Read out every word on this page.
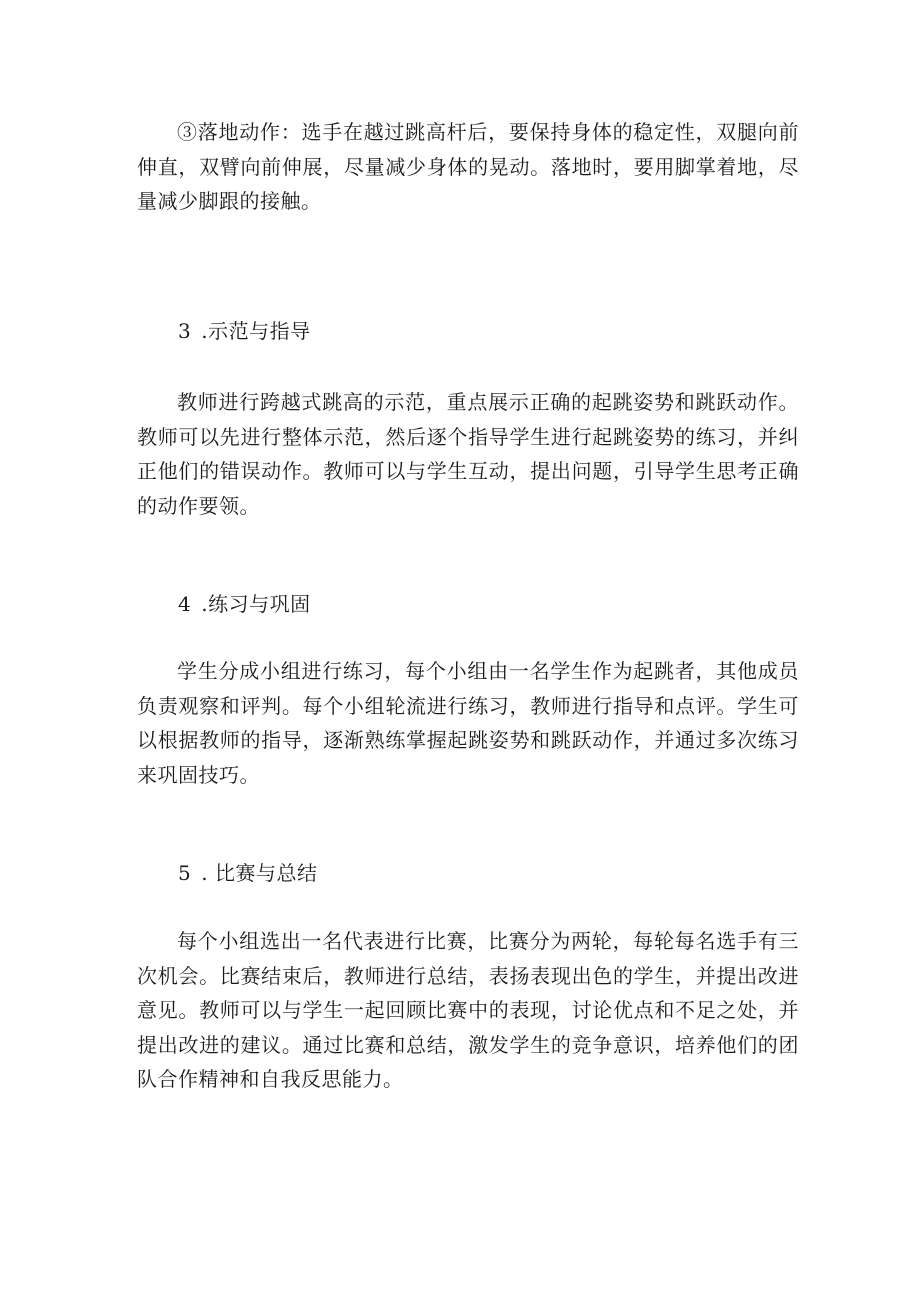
③落地动作：选手在越过跳高杆后，要保持身体的稳定性，双腿向前伸直，双臂向前伸展，尽量减少身体的晃动。落地时，要用脚掌着地，尽量减少脚跟的接触。

3 .示范与指导

教师进行跨越式跳高的示范，重点展示正确的起跳姿势和跳跃动作。教师可以先进行整体示范，然后逐个指导学生进行起跳姿势的练习，并纠正他们的错误动作。教师可以与学生互动，提出问题，引导学生思考正确的动作要领。

4 .练习与巩固

学生分成小组进行练习，每个小组由一名学生作为起跳者，其他成员负责观察和评判。每个小组轮流进行练习，教师进行指导和点评。学生可以根据教师的指导，逐渐熟练掌握起跳姿势和跳跃动作，并通过多次练习来巩固技巧。

5 . 比赛与总结

每个小组选出一名代表进行比赛，比赛分为两轮，每轮每名选手有三次机会。比赛结束后，教师进行总结，表扬表现出色的学生，并提出改进意见。教师可以与学生一起回顾比赛中的表现，讨论优点和不足之处，并提出改进的建议。通过比赛和总结，激发学生的竞争意识，培养他们的团队合作精神和自我反思能力。
